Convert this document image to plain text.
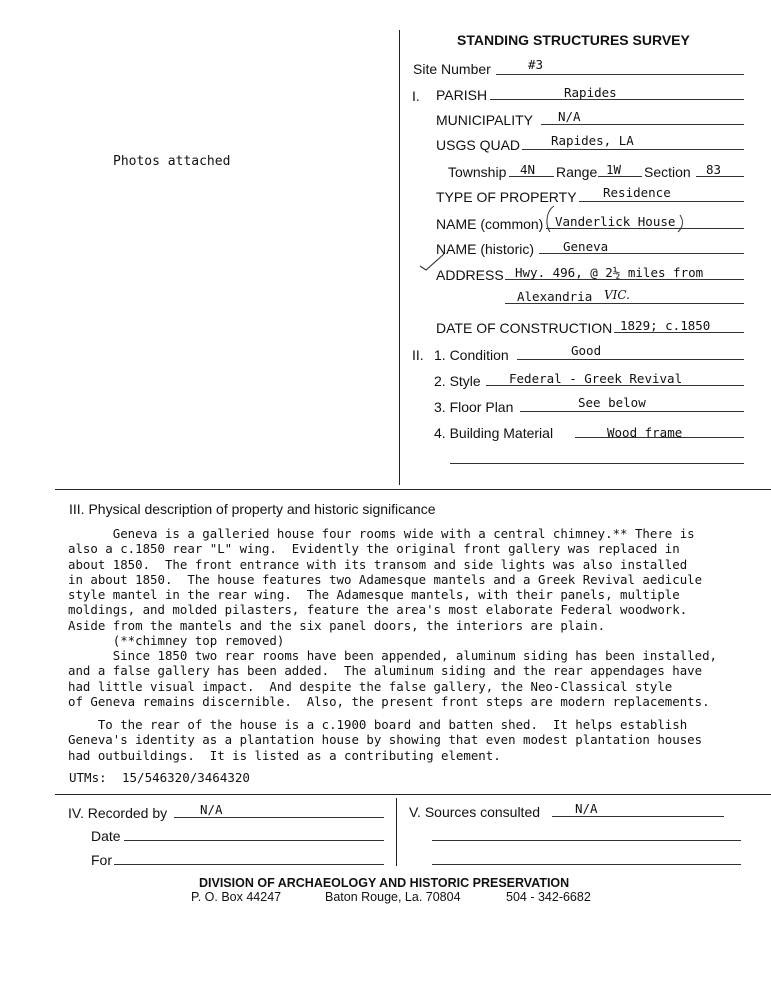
Photos attached
STANDING STRUCTURES SURVEY
Site Number	#3
I. PARISH	Rapides
MUNICIPALITY N/A
USGS QUAD Rapides, LA
Township 4N Range 1W Section 83
TYPE OF PROPERTY Residence
NAME (common) Vanderlick House
NAME (historic) Geneva
ADDRESS Hwy. 496, @ 2½ miles from
Alexandria VIC.
DATE OF CONSTRUCTION 1829; c.1850
II. 1. Condition	Good
2. Style Federal - Greek Revival
3. Floor Plan	See below
4. Building Material	Wood frame
III. Physical description of property and historic significance
Geneva is a galleried house four rooms wide with a central chimney.** There is
also a c.1850 rear "L" wing.  Evidently the original front gallery was replaced in
about 1850.  The front entrance with its transom and side lights was also installed
in about 1850.  The house features two Adamesque mantels and a Greek Revival aedicule
style mantel in the rear wing.  The Adamesque mantels, with their panels, multiple
moldings, and molded pilasters, feature the area's most elaborate Federal woodwork.
Aside from the mantels and the six panel doors, the interiors are plain.
(**chimney top removed)
Since 1850 two rear rooms have been appended, aluminum siding has been installed,
and a false gallery has been added.  The aluminum siding and the rear appendages have
had little visual impact.  And despite the false gallery, the Neo-Classical style
of Geneva remains discernible.  Also, the present front steps are modern replacements.
To the rear of the house is a c.1900 board and batten shed.  It helps establish
Geneva's identity as a plantation house by showing that even modest plantation houses
had outbuildings.  It is listed as a contributing element.
UTMs: 15/546320/3464320
IV. Recorded by	N/A
Date
For
V. Sources consulted	N/A
DIVISION OF ARCHAEOLOGY AND HISTORIC PRESERVATION
P. O. Box 44247	Baton Rouge, La. 70804	504 - 342-6682
